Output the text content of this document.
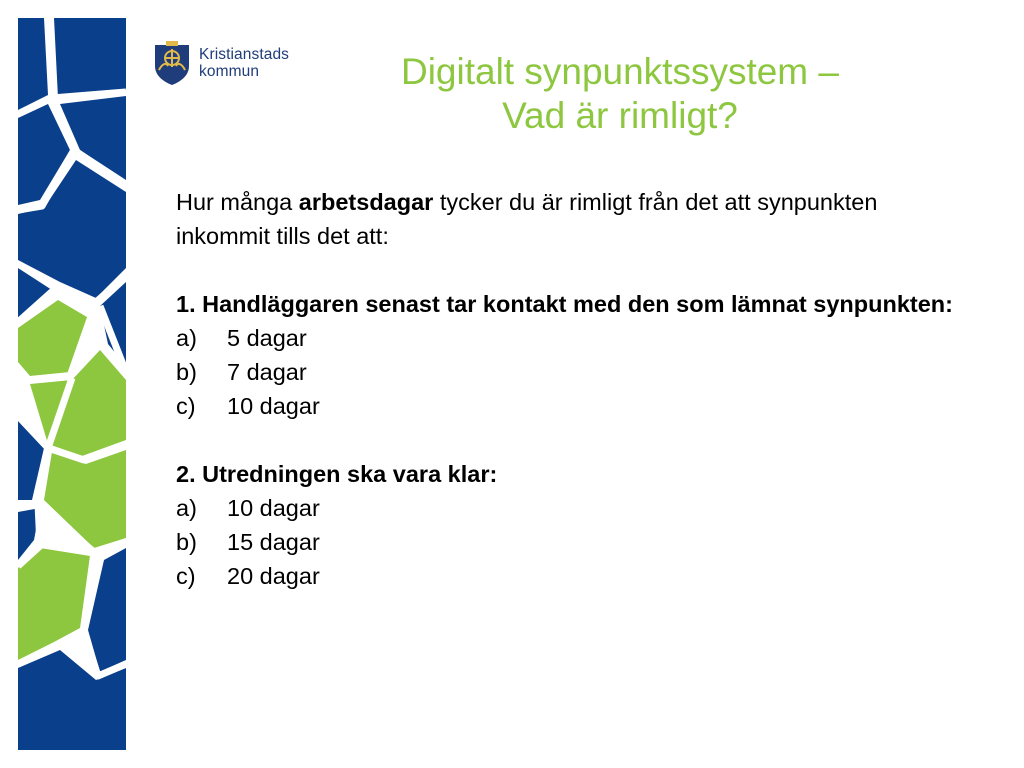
Kristianstads
kommun	Digitalt synpunktssystem –
Vad är rimligt?

Hur många arbetsdagar tycker du är rimligt från det att synpunkten inkommit tills det att:

1. Handläggaren senast tar kontakt med den som lämnat synpunkten:
a)	5 dagar
b)	7 dagar
c)	10 dagar
2. Utredningen ska vara klar:
a)	10 dagar
b)	15 dagar
c)	20 dagar
